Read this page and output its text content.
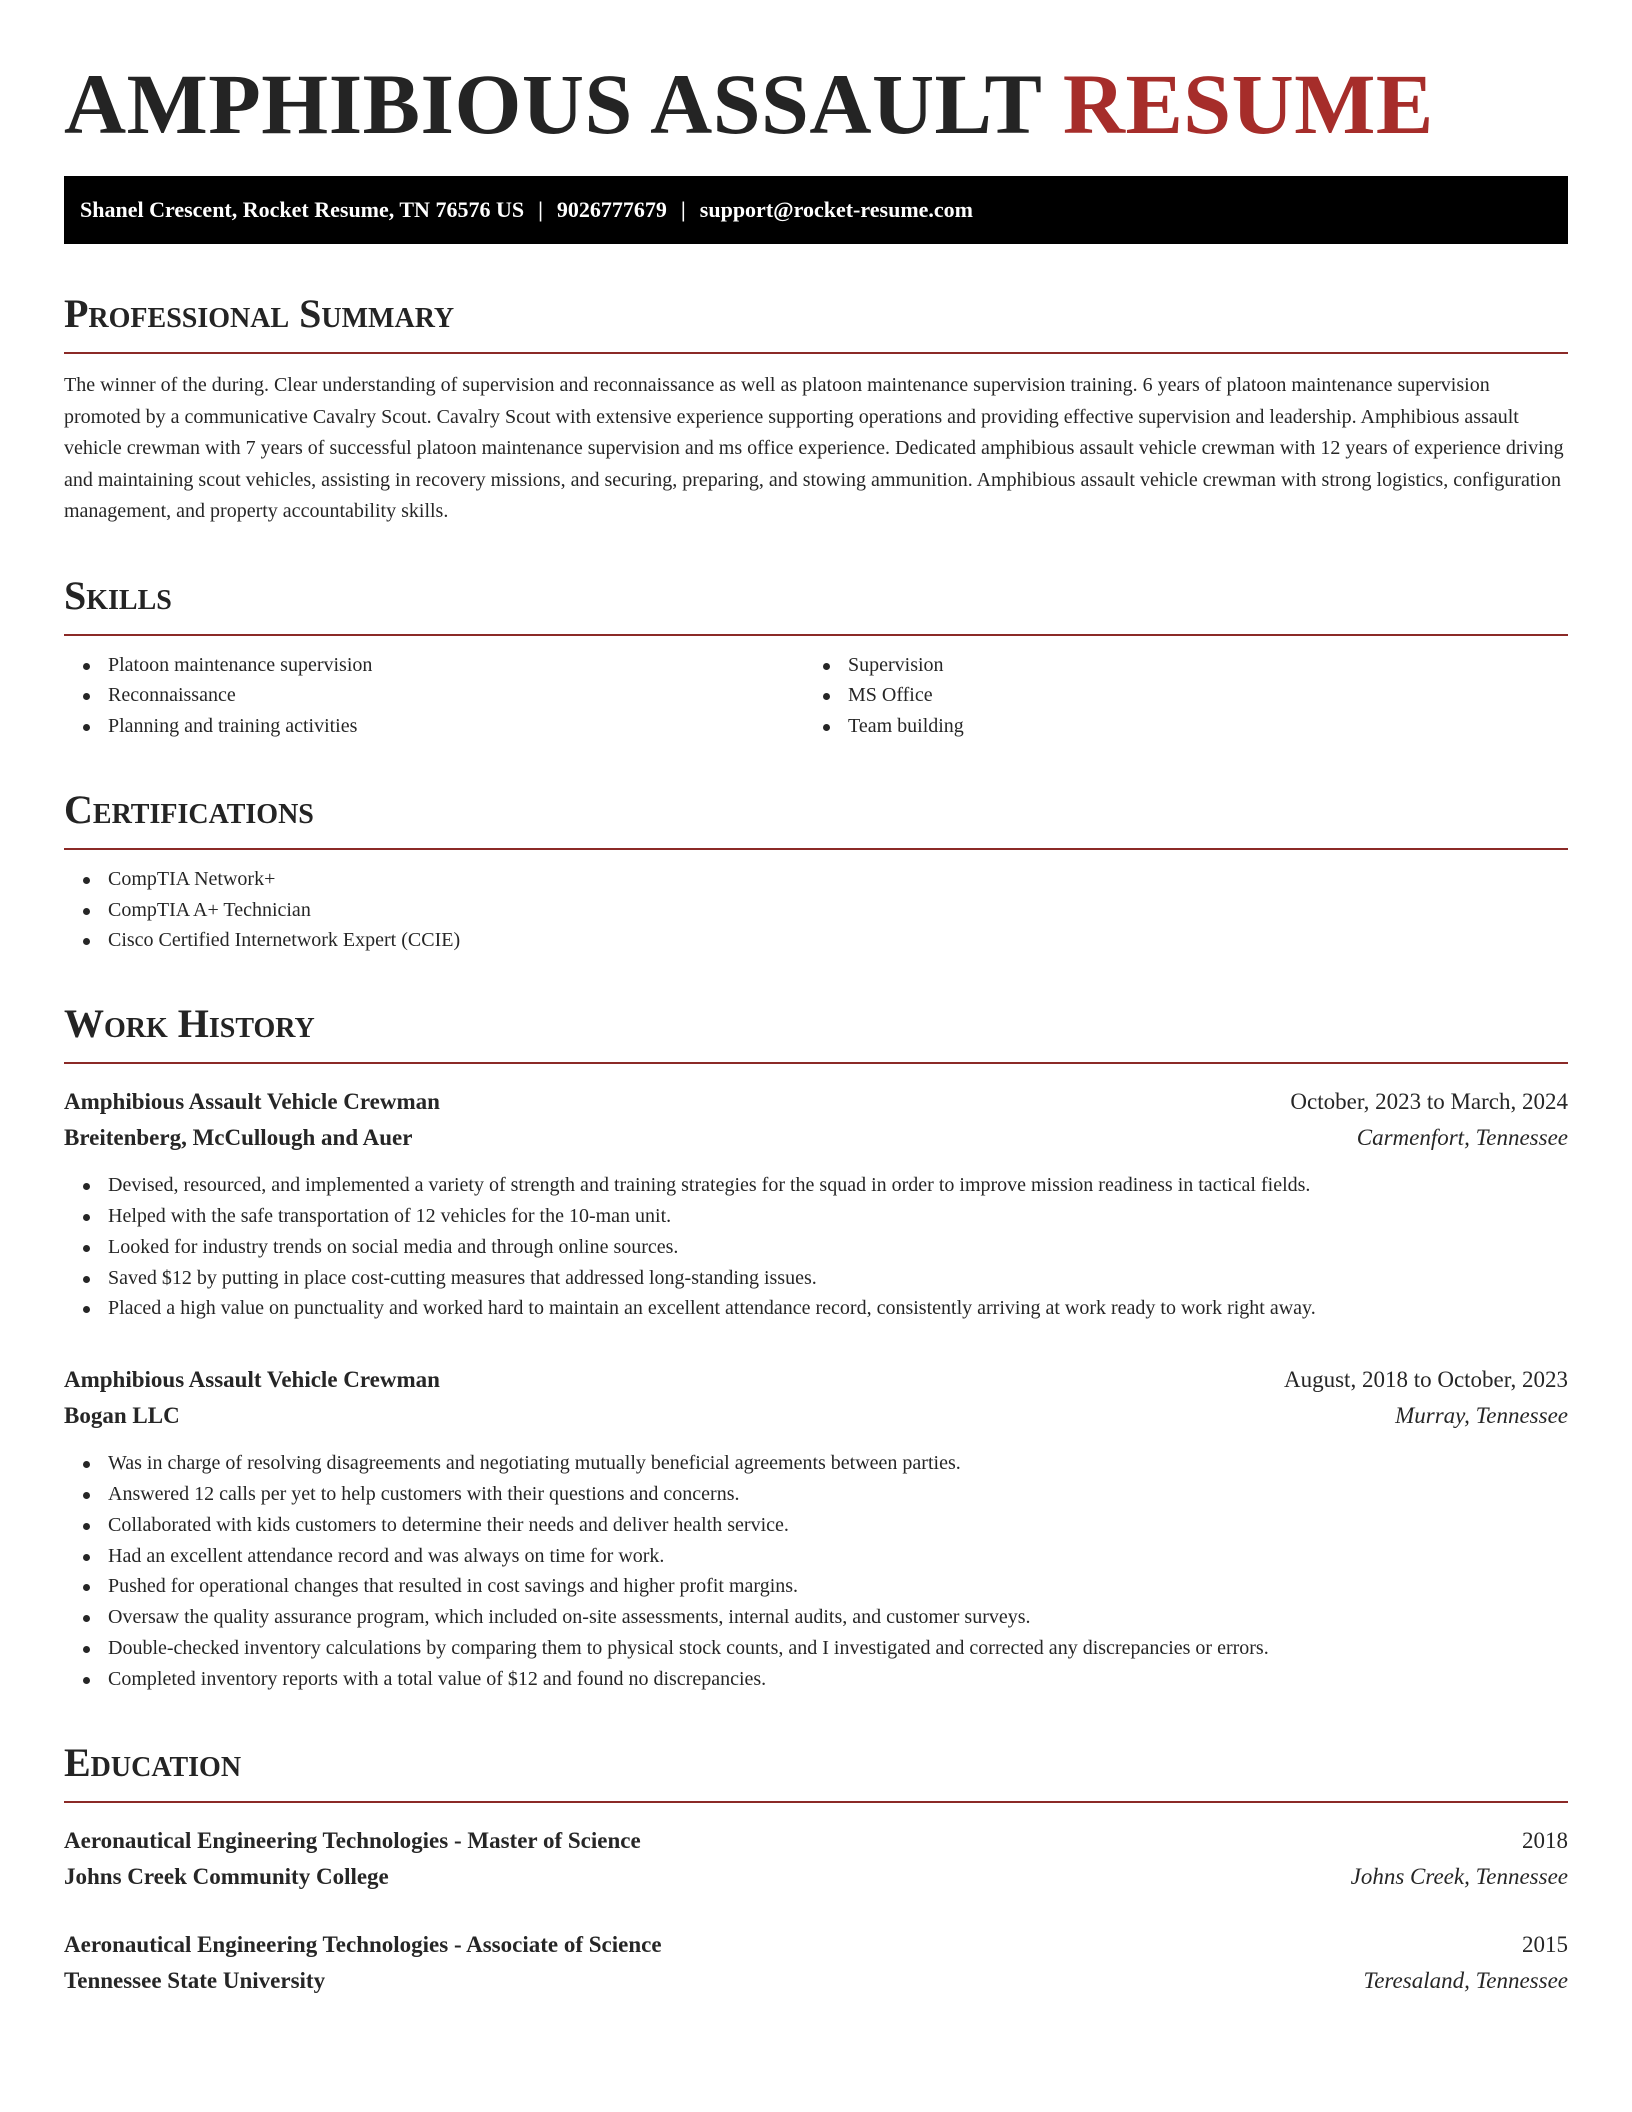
AMPHIBIOUS ASSAULT RESUME
Shanel Crescent, Rocket Resume, TN 76576 US | 9026777679 | support@rocket-resume.com
Professional Summary

The winner of the during. Clear understanding of supervision and reconnaissance as well as platoon maintenance supervision training. 6 years of platoon maintenance supervision promoted by a communicative Cavalry Scout. Cavalry Scout with extensive experience supporting operations and providing effective supervision and leadership. Amphibious assault vehicle crewman with 7 years of successful platoon maintenance supervision and ms office experience. Dedicated amphibious assault vehicle crewman with 12 years of experience driving and maintaining scout vehicles, assisting in recovery missions, and securing, preparing, and stowing ammunition. Amphibious assault vehicle crewman with strong logistics, configuration management, and property accountability skills.

Skills
Platoon maintenance supervision
Reconnaissance
Planning and training activities
Supervision
MS Office
Team building
Certifications
CompTIA Network+
CompTIA A+ Technician
Cisco Certified Internetwork Expert (CCIE)
Work History
Amphibious Assault Vehicle Crewman	October, 2023 to March, 2024
Breitenberg, McCullough and Auer	Carmenfort, Tennessee
Devised, resourced, and implemented a variety of strength and training strategies for the squad in order to improve mission readiness in tactical fields.
Helped with the safe transportation of 12 vehicles for the 10-man unit.
Looked for industry trends on social media and through online sources.
Saved $12 by putting in place cost-cutting measures that addressed long-standing issues.
Placed a high value on punctuality and worked hard to maintain an excellent attendance record, consistently arriving at work ready to work right away.
Amphibious Assault Vehicle Crewman	August, 2018 to October, 2023
Bogan LLC	Murray, Tennessee
Was in charge of resolving disagreements and negotiating mutually beneficial agreements between parties.
Answered 12 calls per yet to help customers with their questions and concerns.
Collaborated with kids customers to determine their needs and deliver health service.
Had an excellent attendance record and was always on time for work.
Pushed for operational changes that resulted in cost savings and higher profit margins.
Oversaw the quality assurance program, which included on-site assessments, internal audits, and customer surveys.
Double-checked inventory calculations by comparing them to physical stock counts, and I investigated and corrected any discrepancies or errors.
Completed inventory reports with a total value of $12 and found no discrepancies.
Education
Aeronautical Engineering Technologies - Master of Science	2018
Johns Creek Community College	Johns Creek, Tennessee
Aeronautical Engineering Technologies - Associate of Science	2015
Tennessee State University	Teresaland, Tennessee
